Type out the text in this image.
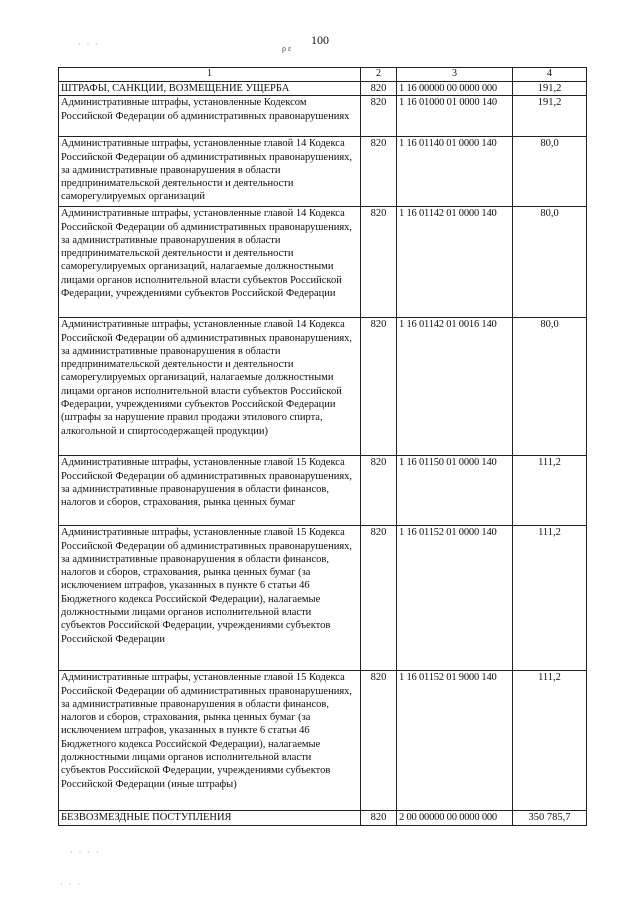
100
ρ ε
· · ·
· · · ·
· · ·
1	2	3	4
ШТРАФЫ, САНКЦИИ, ВОЗМЕЩЕНИЕ УЩЕРБА	820	1 16 00000 00 0000 000	191,2
Административные штрафы, установленные Кодексом Российской Федерации об административных правонарушениях	820	1 16 01000 01 0000 140	191,2
Административные штрафы, установленные главой 14 Кодекса Российской Федерации об административных правонарушениях, за административные правонарушения в области предпринимательской деятельности и деятельности саморегулируемых организаций	820	1 16 01140 01 0000 140	80,0
Административные штрафы, установленные главой 14 Кодекса Российской Федерации об административных правонарушениях, за административные правонарушения в области предпринимательской деятельности и деятельности саморегулируемых организаций, налагаемые должностными лицами органов исполнительной власти субъектов Российской Федерации, учреждениями субъектов Российской Федерации	820	1 16 01142 01 0000 140	80,0
Административные штрафы, установленные главой 14 Кодекса Российской Федерации об административных правонарушениях, за административные правонарушения в области предпринимательской деятельности и деятельности саморегулируемых организаций, налагаемые должностными лицами органов исполнительной власти субъектов Российской Федерации, учреждениями субъектов Российской Федерации (штрафы за нарушение правил продажи этилового спирта, алкогольной и спиртосодержащей продукции)	820	1 16 01142 01 0016 140	80,0
Административные штрафы, установленные главой 15 Кодекса Российской Федерации об административных правонарушениях, за административные правонарушения в области финансов, налогов и сборов, страхования, рынка ценных бумаг	820	1 16 01150 01 0000 140	111,2
Административные штрафы, установленные главой 15 Кодекса Российской Федерации об административных правонарушениях, за административные правонарушения в области финансов, налогов и сборов, страхования, рынка ценных бумаг (за исключением штрафов, указанных в пункте 6 статьи 46 Бюджетного кодекса Российской Федерации), налагаемые должностными лицами органов исполнительной власти субъектов Российской Федерации, учреждениями субъектов Российской Федерации	820	1 16 01152 01 0000 140	111,2
Административные штрафы, установленные главой 15 Кодекса Российской Федерации об административных правонарушениях, за административные правонарушения в области финансов, налогов и сборов, страхования, рынка ценных бумаг (за исключением штрафов, указанных в пункте 6 статьи 46 Бюджетного кодекса Российской Федерации), налагаемые должностными лицами органов исполнительной власти субъектов Российской Федерации, учреждениями субъектов Российской Федерации (иные штрафы)	820	1 16 01152 01 9000 140	111,2
БЕЗВОЗМЕЗДНЫЕ ПОСТУПЛЕНИЯ	820	2 00 00000 00 0000 000	350 785,7
